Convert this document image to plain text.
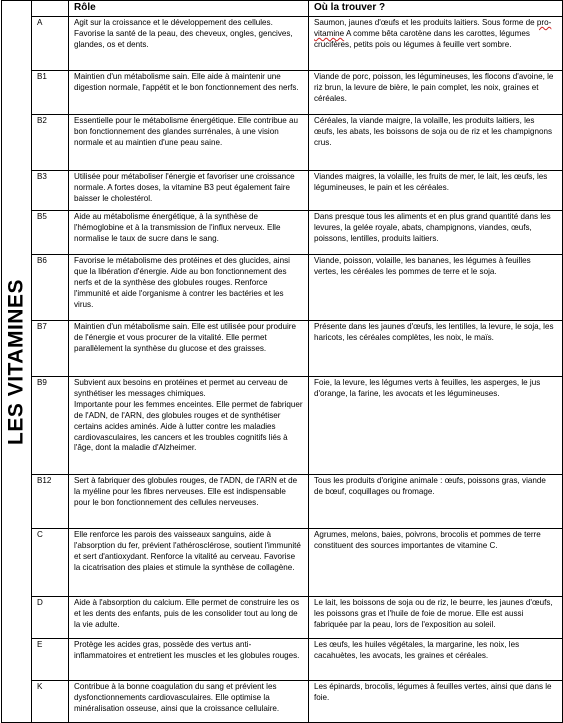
LES VITAMINES		Rôle	Où la trouver ?
	A	Agit sur la croissance et le développement des cellules. Favorise la santé de la peau, des cheveux, ongles, gencives, glandes, os et dents.	Saumon, jaunes d'œufs et les produits laitiers. Sous forme de pro-vitamine A comme bêta carotène dans les carottes, légumes crucifères, petits pois ou légumes à feuille vert sombre.
	B1	Maintien d'un métabolisme sain. Elle aide à maintenir une digestion normale, l'appétit et le bon fonctionnement des nerfs.	Viande de porc, poisson, les légumineuses, les flocons d'avoine, le riz brun, la levure de bière, le pain complet, les noix, graines et céréales.
	B2	Essentielle pour le métabolisme énergétique. Elle contribue au bon fonctionnement des glandes surrénales, à une vision normale et au maintien d'une peau saine.	Céréales, la viande maigre, la volaille, les produits laitiers, les œufs, les abats, les boissons de soja ou de riz et les champignons crus.
	B3	Utilisée pour métaboliser l'énergie et favoriser une croissance normale. A fortes doses, la vitamine B3 peut également faire baisser le cholestérol.	Viandes maigres, la volaille, les fruits de mer, le lait, les œufs, les légumineuses, le pain et les céréales.
	B5	Aide au métabolisme énergétique, à la synthèse de l'hémoglobine et à la transmission de l'influx nerveux. Elle normalise le taux de sucre dans le sang.	Dans presque tous les aliments et en plus grand quantité dans les levures, la gelée royale, abats, champignons, viandes, œufs, poissons, lentilles, produits laitiers.
	B6	Favorise le métabolisme des protéines et des glucides, ainsi que la libération d'énergie. Aide au bon fonctionnement des nerfs et de la synthèse des globules rouges. Renforce l'immunité et aide l'organisme à contrer les bactéries et les virus.	Viande, poisson, volaille, les bananes, les légumes à feuilles vertes, les céréales les pommes de terre et le soja.
	B7	Maintien d'un métabolisme sain. Elle est utilisée pour produire de l'énergie et vous procurer de la vitalité. Elle permet parallèlement la synthèse du glucose et des graisses.	Présente dans les jaunes d'œufs, les lentilles, la levure, le soja, les haricots, les céréales complètes, les noix, le maïs.
	B9	Subvient aux besoins en protéines et permet au cerveau de synthétiser les messages chimiques.
Importante pour les femmes enceintes. Elle permet de fabriquer de l'ADN, de l'ARN, des globules rouges et de synthétiser certains acides aminés. Aide à lutter contre les maladies cardiovasculaires, les cancers et les troubles cognitifs liés à l'âge, dont la maladie d'Alzheimer.	Foie, la levure, les légumes verts à feuilles, les asperges, le jus d'orange, la farine, les avocats et les légumineuses.
	B12	Sert à fabriquer des globules rouges, de l'ADN, de l'ARN et de la myéline pour les fibres nerveuses. Elle est indispensable pour le bon fonctionnement des cellules nerveuses.	Tous les produits d'origine animale : œufs, poissons gras, viande de bœuf, coquillages ou fromage.
	C	Elle renforce les parois des vaisseaux sanguins, aide à l'absorption du fer, prévient l'athérosclérose, soutient l'immunité et sert d'antioxydant. Renforce la vitalité au cerveau. Favorise la cicatrisation des plaies et stimule la synthèse de collagène.	Agrumes, melons, baies, poivrons, brocolis et pommes de terre constituent des sources importantes de vitamine C.
	D	Aide à l'absorption du calcium. Elle permet de construire les os et les dents des enfants, puis de les consolider tout au long de la vie adulte.	Le lait, les boissons de soja ou de riz, le beurre, les jaunes d'œufs, les poissons gras et l'huile de foie de morue. Elle est aussi fabriquée par la peau, lors de l'exposition au soleil.
	E	Protège les acides gras, possède des vertus anti-inflammatoires et entretient les muscles et les globules rouges.	Les œufs, les huiles végétales, la margarine, les noix, les cacahuètes, les avocats, les graines et céréales.
	K	Contribue à la bonne coagulation du sang et prévient les dysfonctionnements cardiovasculaires. Elle optimise la minéralisation osseuse, ainsi que la croissance cellulaire.	Les épinards, brocolis, légumes à feuilles vertes, ainsi que dans le foie.
